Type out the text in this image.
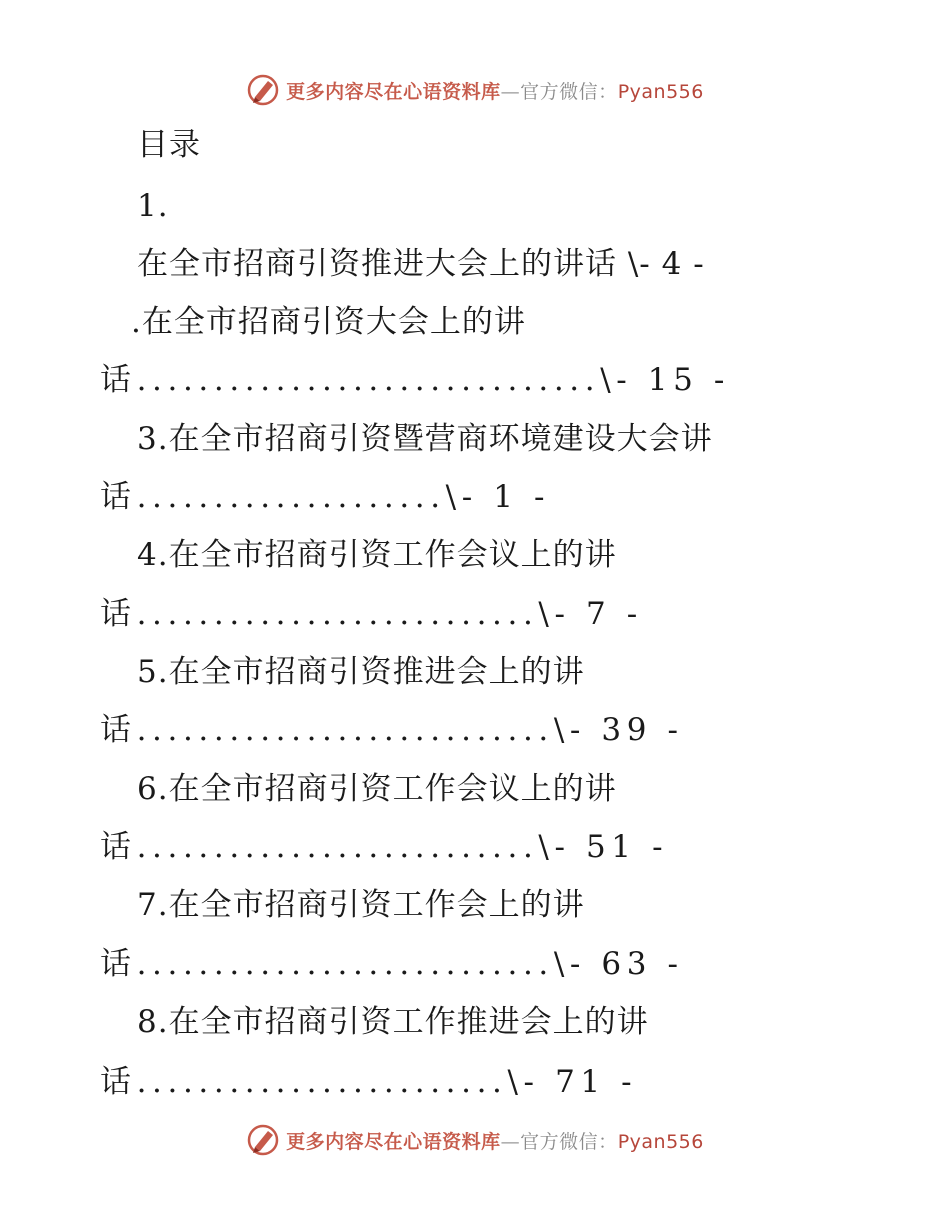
更多内容尽在心语资料库—官方微信：Pyan556
目录
1.
在全市招商引资推进大会上的讲话 \- 4 -
.在全市招商引资大会上的讲
话..............................\- 15 -
3.在全市招商引资暨营商环境建设大会讲
话....................\- 1 -
4.在全市招商引资工作会议上的讲
话..........................\- 7 -
5.在全市招商引资推进会上的讲
话...........................\- 39 -
6.在全市招商引资工作会议上的讲
话..........................\- 51 -
7.在全市招商引资工作会上的讲
话...........................\- 63 -
8.在全市招商引资工作推进会上的讲
话........................\- 71 -
更多内容尽在心语资料库—官方微信：Pyan556
